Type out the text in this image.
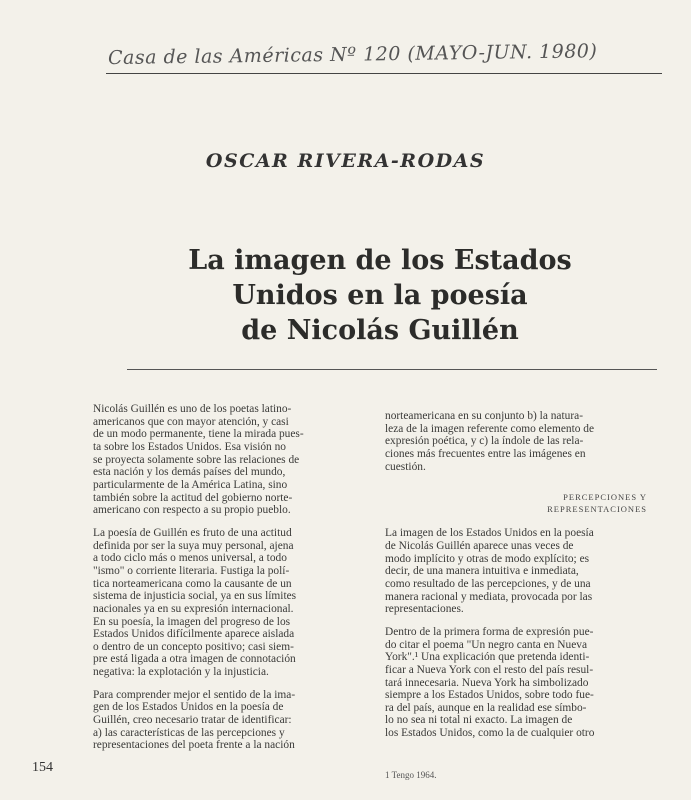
Casa de las Américas Nº 120 (MAYO-JUN. 1980)
OSCAR RIVERA-RODAS
La imagen de los Estados
Unidos en la poesía
de Nicolás Guillén

Nicolás Guillén es uno de los poetas latino-
americanos que con mayor atención, y casi
de un modo permanente, tiene la mirada pues-
ta sobre los Estados Unidos. Esa visión no
se proyecta solamente sobre las relaciones de
esta nación y los demás países del mundo,
particularmente de la América Latina, sino
también sobre la actitud del gobierno norte-
americano con respecto a su propio pueblo.

La poesía de Guillén es fruto de una actitud
definida por ser la suya muy personal, ajena
a todo ciclo más o menos universal, a todo
"ismo" o corriente literaria. Fustiga la polí-
tica norteamericana como la causante de un
sistema de injusticia social, ya en sus límites
nacionales ya en su expresión internacional.
En su poesía, la imagen del progreso de los
Estados Unidos difícilmente aparece aislada
o dentro de un concepto positivo; casi siem-
pre está ligada a otra imagen de connotación
negativa: la explotación y la injusticia.

Para comprender mejor el sentido de la ima-
gen de los Estados Unidos en la poesía de
Guillén, creo necesario tratar de identificar:
a) las características de las percepciones y
representaciones del poeta frente a la nación

norteamericana en su conjunto b) la natura-
leza de la imagen referente como elemento de
expresión poética, y c) la índole de las rela-
ciones más frecuentes entre las imágenes en
cuestión.

PERCEPCIONES Y
REPRESENTACIONES

La imagen de los Estados Unidos en la poesía
de Nicolás Guillén aparece unas veces de
modo implícito y otras de modo explícito; es
decir, de una manera intuitiva e inmediata,
como resultado de las percepciones, y de una
manera racional y mediata, provocada por las
representaciones.

Dentro de la primera forma de expresión pue-
do citar el poema "Un negro canta en Nueva
York".¹ Una explicación que pretenda identi-
ficar a Nueva York con el resto del país resul-
tará innecesaria. Nueva York ha simbolizado
siempre a los Estados Unidos, sobre todo fue-
ra del país, aunque en la realidad ese símbo-
lo no sea ni total ni exacto. La imagen de
los Estados Unidos, como la de cualquier otro

154	1 Tengo 1964.
